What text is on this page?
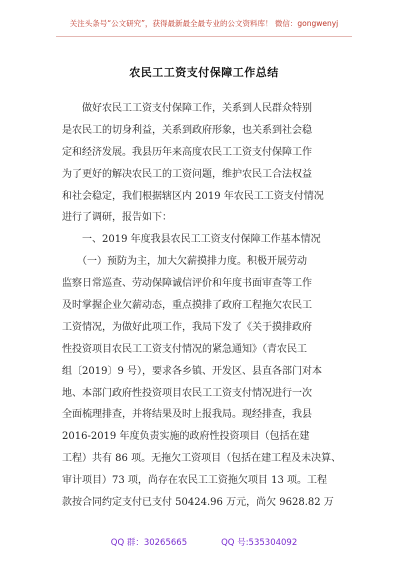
关注头条号“公文研究”，获得最新最全最专业的公文资料库！ 微信：gongwenyj
农民工工资支付保障工作总结
　　做好农民工工资支付保障工作，关系到人民群众特别
是农民工的切身利益，关系到政府形象，也关系到社会稳
定和经济发展。我县历年来高度农民工工资支付保障工作
为了更好的解决农民工的工资问题，维护农民工合法权益
和社会稳定，我们根据辖区内 2019 年农民工工资支付情况
进行了调研，报告如下：
　　一、2019 年度我县农民工工资支付保障工作基本情况
　　（一）预防为主，加大欠薪摸排力度。积极开展劳动
监察日常巡查、劳动保障诚信评价和年度书面审查等工作
及时掌握企业欠薪动态，重点摸排了政府工程拖欠农民工
工资情况，为做好此项工作，我局下发了《关于摸排政府
性投资项目农民工工资支付情况的紧急通知》（青农民工
组〔2019〕9 号），要求各乡镇、开发区、县直各部门对本
地、本部门政府性投资项目农民工工资支付情况进行一次
全面梳理排查，并将结果及时上报我局。现经排查，我县
2016-2019 年度负责实施的政府性投资项目（包括在建
工程）共有 86 项。无拖欠工资项目（包括在建工程及未决算、
审计项目）73 项，尚存在农民工工资拖欠项目 13 项。工程
款按合同约定支付已支付 50424.96 万元，尚欠 9628.82 万
QQ 群：30265665	QQ 号:535304092
